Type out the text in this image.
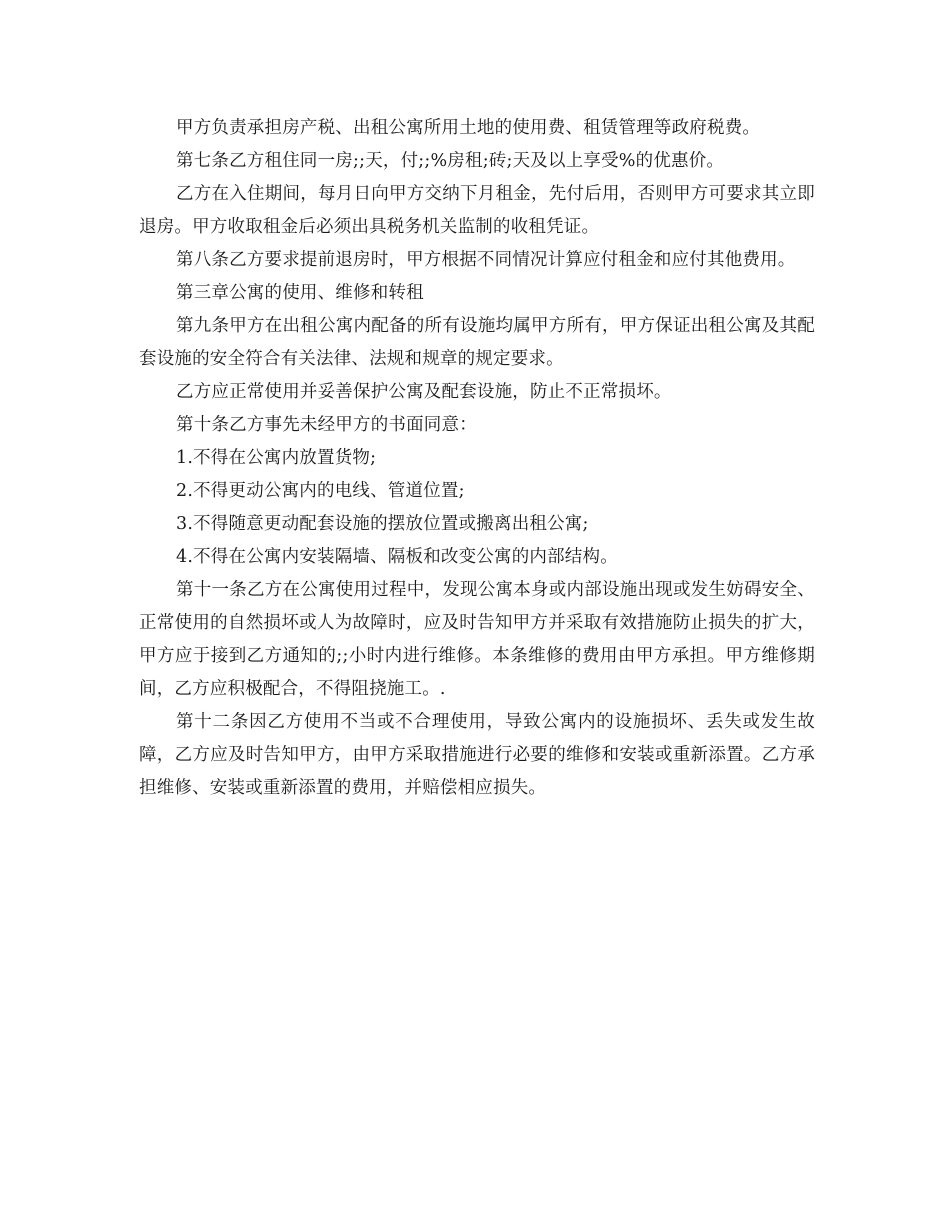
甲方负责承担房产税、出租公寓所用土地的使用费、租赁管理等政府税费。

第七条乙方租住同一房;;天，付;;%房租;砖;天及以上享受%的优惠价。

乙方在入住期间，每月日向甲方交纳下月租金，先付后用，否则甲方可要求其立即退房。甲方收取租金后必须出具税务机关监制的收租凭证。

第八条乙方要求提前退房时，甲方根据不同情况计算应付租金和应付其他费用。

第三章公寓的使用、维修和转租

第九条甲方在出租公寓内配备的所有设施均属甲方所有，甲方保证出租公寓及其配套设施的安全符合有关法律、法规和规章的规定要求。

乙方应正常使用并妥善保护公寓及配套设施，防止不正常损坏。

第十条乙方事先未经甲方的书面同意：

1.不得在公寓内放置货物;

2.不得更动公寓内的电线、管道位置;

3.不得随意更动配套设施的摆放位置或搬离出租公寓;

4.不得在公寓内安装隔墙、隔板和改变公寓的内部结构。

第十一条乙方在公寓使用过程中，发现公寓本身或内部设施出现或发生妨碍安全、正常使用的自然损坏或人为故障时，应及时告知甲方并采取有效措施防止损失的扩大，甲方应于接到乙方通知的;;小时内进行维修。本条维修的费用由甲方承担。甲方维修期间，乙方应积极配合，不得阻挠施工。.

第十二条因乙方使用不当或不合理使用，导致公寓内的设施损坏、丢失或发生故障，乙方应及时告知甲方，由甲方采取措施进行必要的维修和安装或重新添置。乙方承担维修、安装或重新添置的费用，并赔偿相应损失。
